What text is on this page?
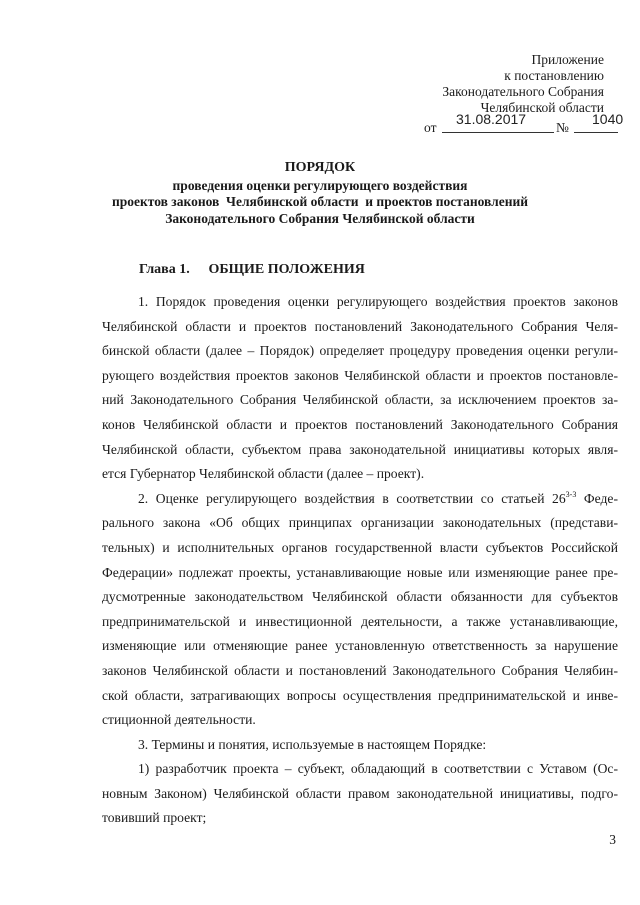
Приложение
к постановлению
Законодательного Собрания
Челябинской области
от
31.08.2017
№
1040
ПОРЯДОК
проведения оценки регулирующего воздействия
проектов законов  Челябинской области  и проектов постановлений
Законодательного Собрания Челябинской области
Глава 1. ОБЩИЕ ПОЛОЖЕНИЯ
1. Порядок проведения оценки регулирующего воздействия проектов законов
Челябинской области и проектов постановлений Законодательного Собрания Челя-
бинской области (далее – Порядок) определяет процедуру проведения оценки регули-
рующего воздействия проектов законов Челябинской области и проектов постановле-
ний Законодательного Собрания Челябинской области, за исключением проектов за-
конов Челябинской области и проектов постановлений Законодательного Собрания
Челябинской области, субъектом права законодательной инициативы которых явля-
ется Губернатор Челябинской области (далее – проект).
2. Оценке регулирующего воздействия в соответствии со статьей 26$^{3-3}$ Феде-
рального закона «Об общих принципах организации законодательных (представи-
тельных) и исполнительных органов государственной власти субъектов Российской
Федерации» подлежат проекты, устанавливающие новые или изменяющие ранее пре-
дусмотренные законодательством Челябинской области обязанности для субъектов
предпринимательской и инвестиционной деятельности, а также устанавливающие,
изменяющие или отменяющие ранее установленную ответственность за нарушение
законов Челябинской области и постановлений Законодательного Собрания Челябин-
ской области, затрагивающих вопросы осуществления предпринимательской и инве-
стиционной деятельности.
3. Термины и понятия, используемые в настоящем Порядке:
1) разработчик проекта – субъект, обладающий в соответствии с Уставом (Ос-
новным Законом) Челябинской области правом законодательной инициативы, подго-
товивший проект;
3
